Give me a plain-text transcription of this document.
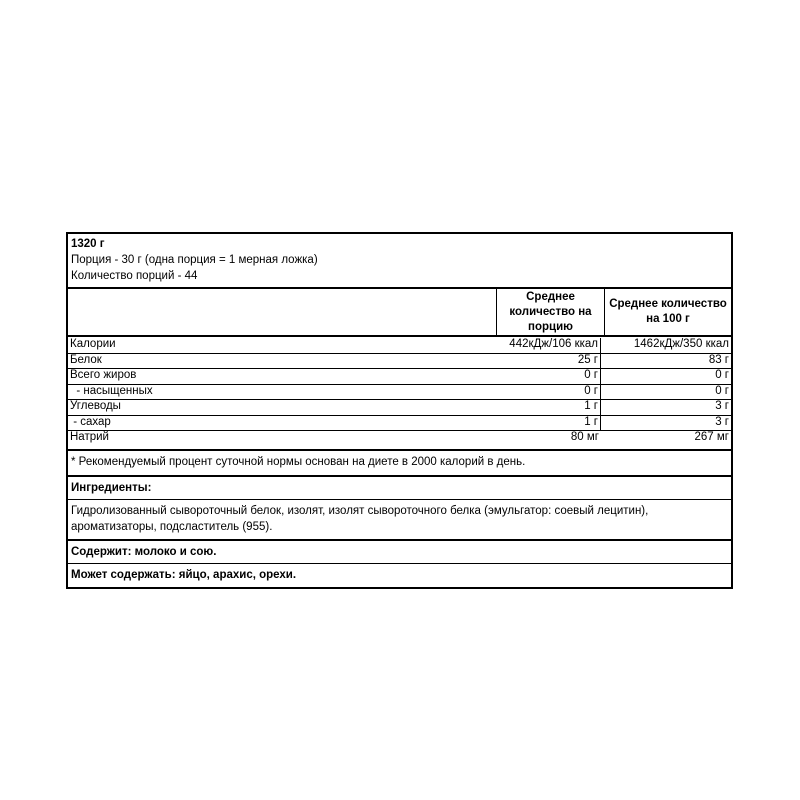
1320 г
Порция - 30 г (одна порция = 1 мерная ложка)
Количество порций - 44
Среднее количество на порцию
Среднее количество на 100 г
Калории	442кДж/106 ккал	1462кДж/350 ккал
Белок	25 г	83 г
Всего жиров	0 г	0 г
- насыщенных	0 г	0 г
Углеводы	1 г	3 г
- сахар	1 г	3 г
Натрий	80 мг	267 мг
* Рекомендуемый процент суточной нормы основан на диете в 2000 калорий в день.
Ингредиенты:
Гидролизованный сывороточный белок, изолят, изолят сывороточного белка (эмульгатор: соевый лецитин), ароматизаторы, подсластитель (955).
Содержит: молоко и сою.
Может содержать: яйцо, арахис, орехи.
